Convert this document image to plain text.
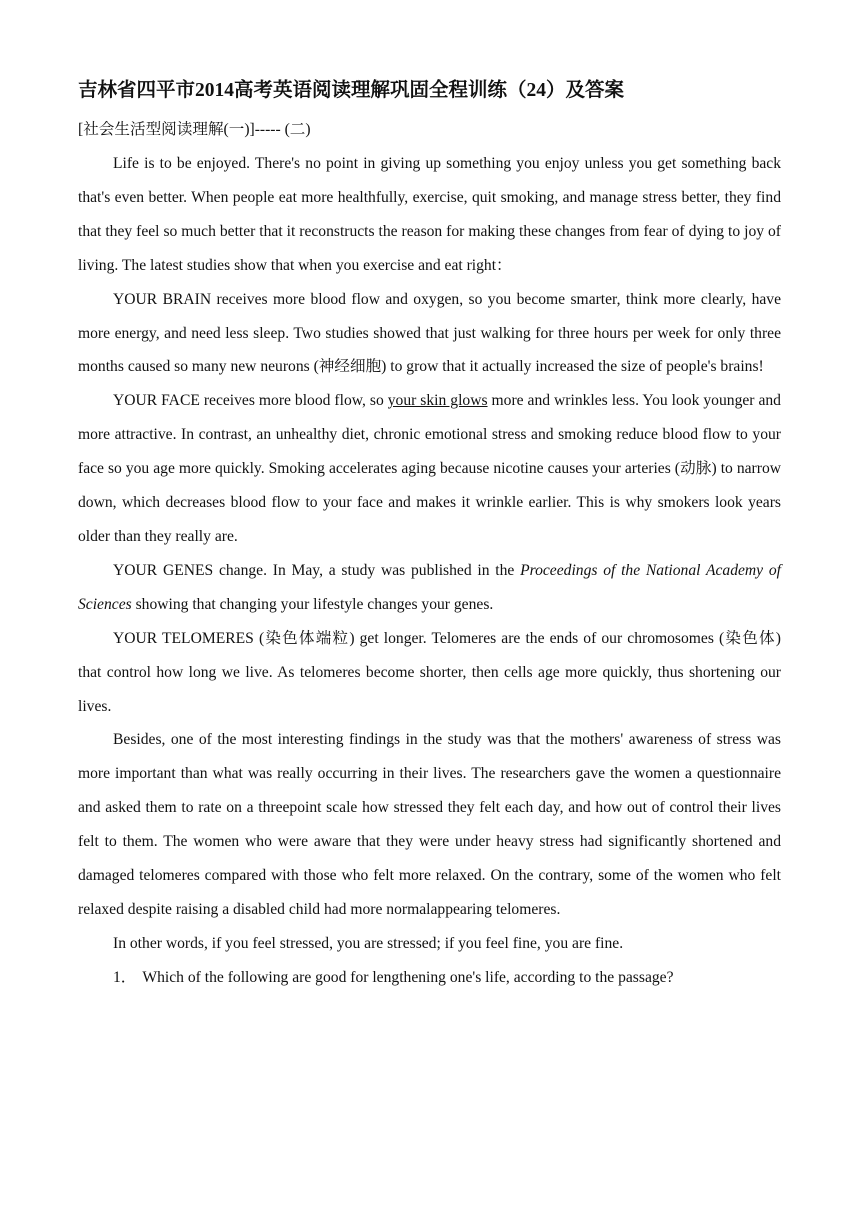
吉林省四平市2014高考英语阅读理解巩固全程训练（24）及答案
[社会生活型阅读理解(一)]----- (二)

Life is to be enjoyed. There's no point in giving up something you enjoy unless you get something back that's even better. When people eat more healthfully, exercise, quit smoking, and manage stress better, they find that they feel so much better that it reconstructs the reason for making these changes from fear of dying to joy of living. The latest studies show that when you exercise and eat right：

YOUR BRAIN receives more blood flow and oxygen, so you become smarter, think more clearly, have more energy, and need less sleep. Two studies showed that just walking for three hours per week for only three months caused so many new neurons (神经细胞) to grow that it actually increased the size of people's brains!

YOUR FACE receives more blood flow, so your skin glows more and wrinkles less. You look younger and more attractive. In contrast, an unhealthy diet, chronic emotional stress and smoking reduce blood flow to your face so you age more quickly. Smoking accelerates aging because nicotine causes your arteries (动脉) to narrow down, which decreases blood flow to your face and makes it wrinkle earlier. This is why smokers look years older than they really are.

YOUR GENES change. In May, a study was published in the Proceedings of the National Academy of Sciences showing that changing your lifestyle changes your genes.

YOUR TELOMERES (染色体端粒) get longer. Telomeres are the ends of our chromosomes (染色体) that control how long we live. As telomeres become shorter, then cells age more quickly, thus shortening our lives.

Besides, one of the most interesting findings in the study was that the mothers' awareness of stress was more important than what was really occurring in their lives. The researchers gave the women a questionnaire and asked them to rate on a threepoint scale how stressed they felt each day, and how out of control their lives felt to them. The women who were aware that they were under heavy stress had significantly shortened and damaged telomeres compared with those who felt more relaxed. On the contrary, some of the women who felt relaxed despite raising a disabled child had more normalappearing telomeres.

In other words, if you feel stressed, you are stressed; if you feel fine, you are fine.

1． Which of the following are good for lengthening one's life, according to the passage?
